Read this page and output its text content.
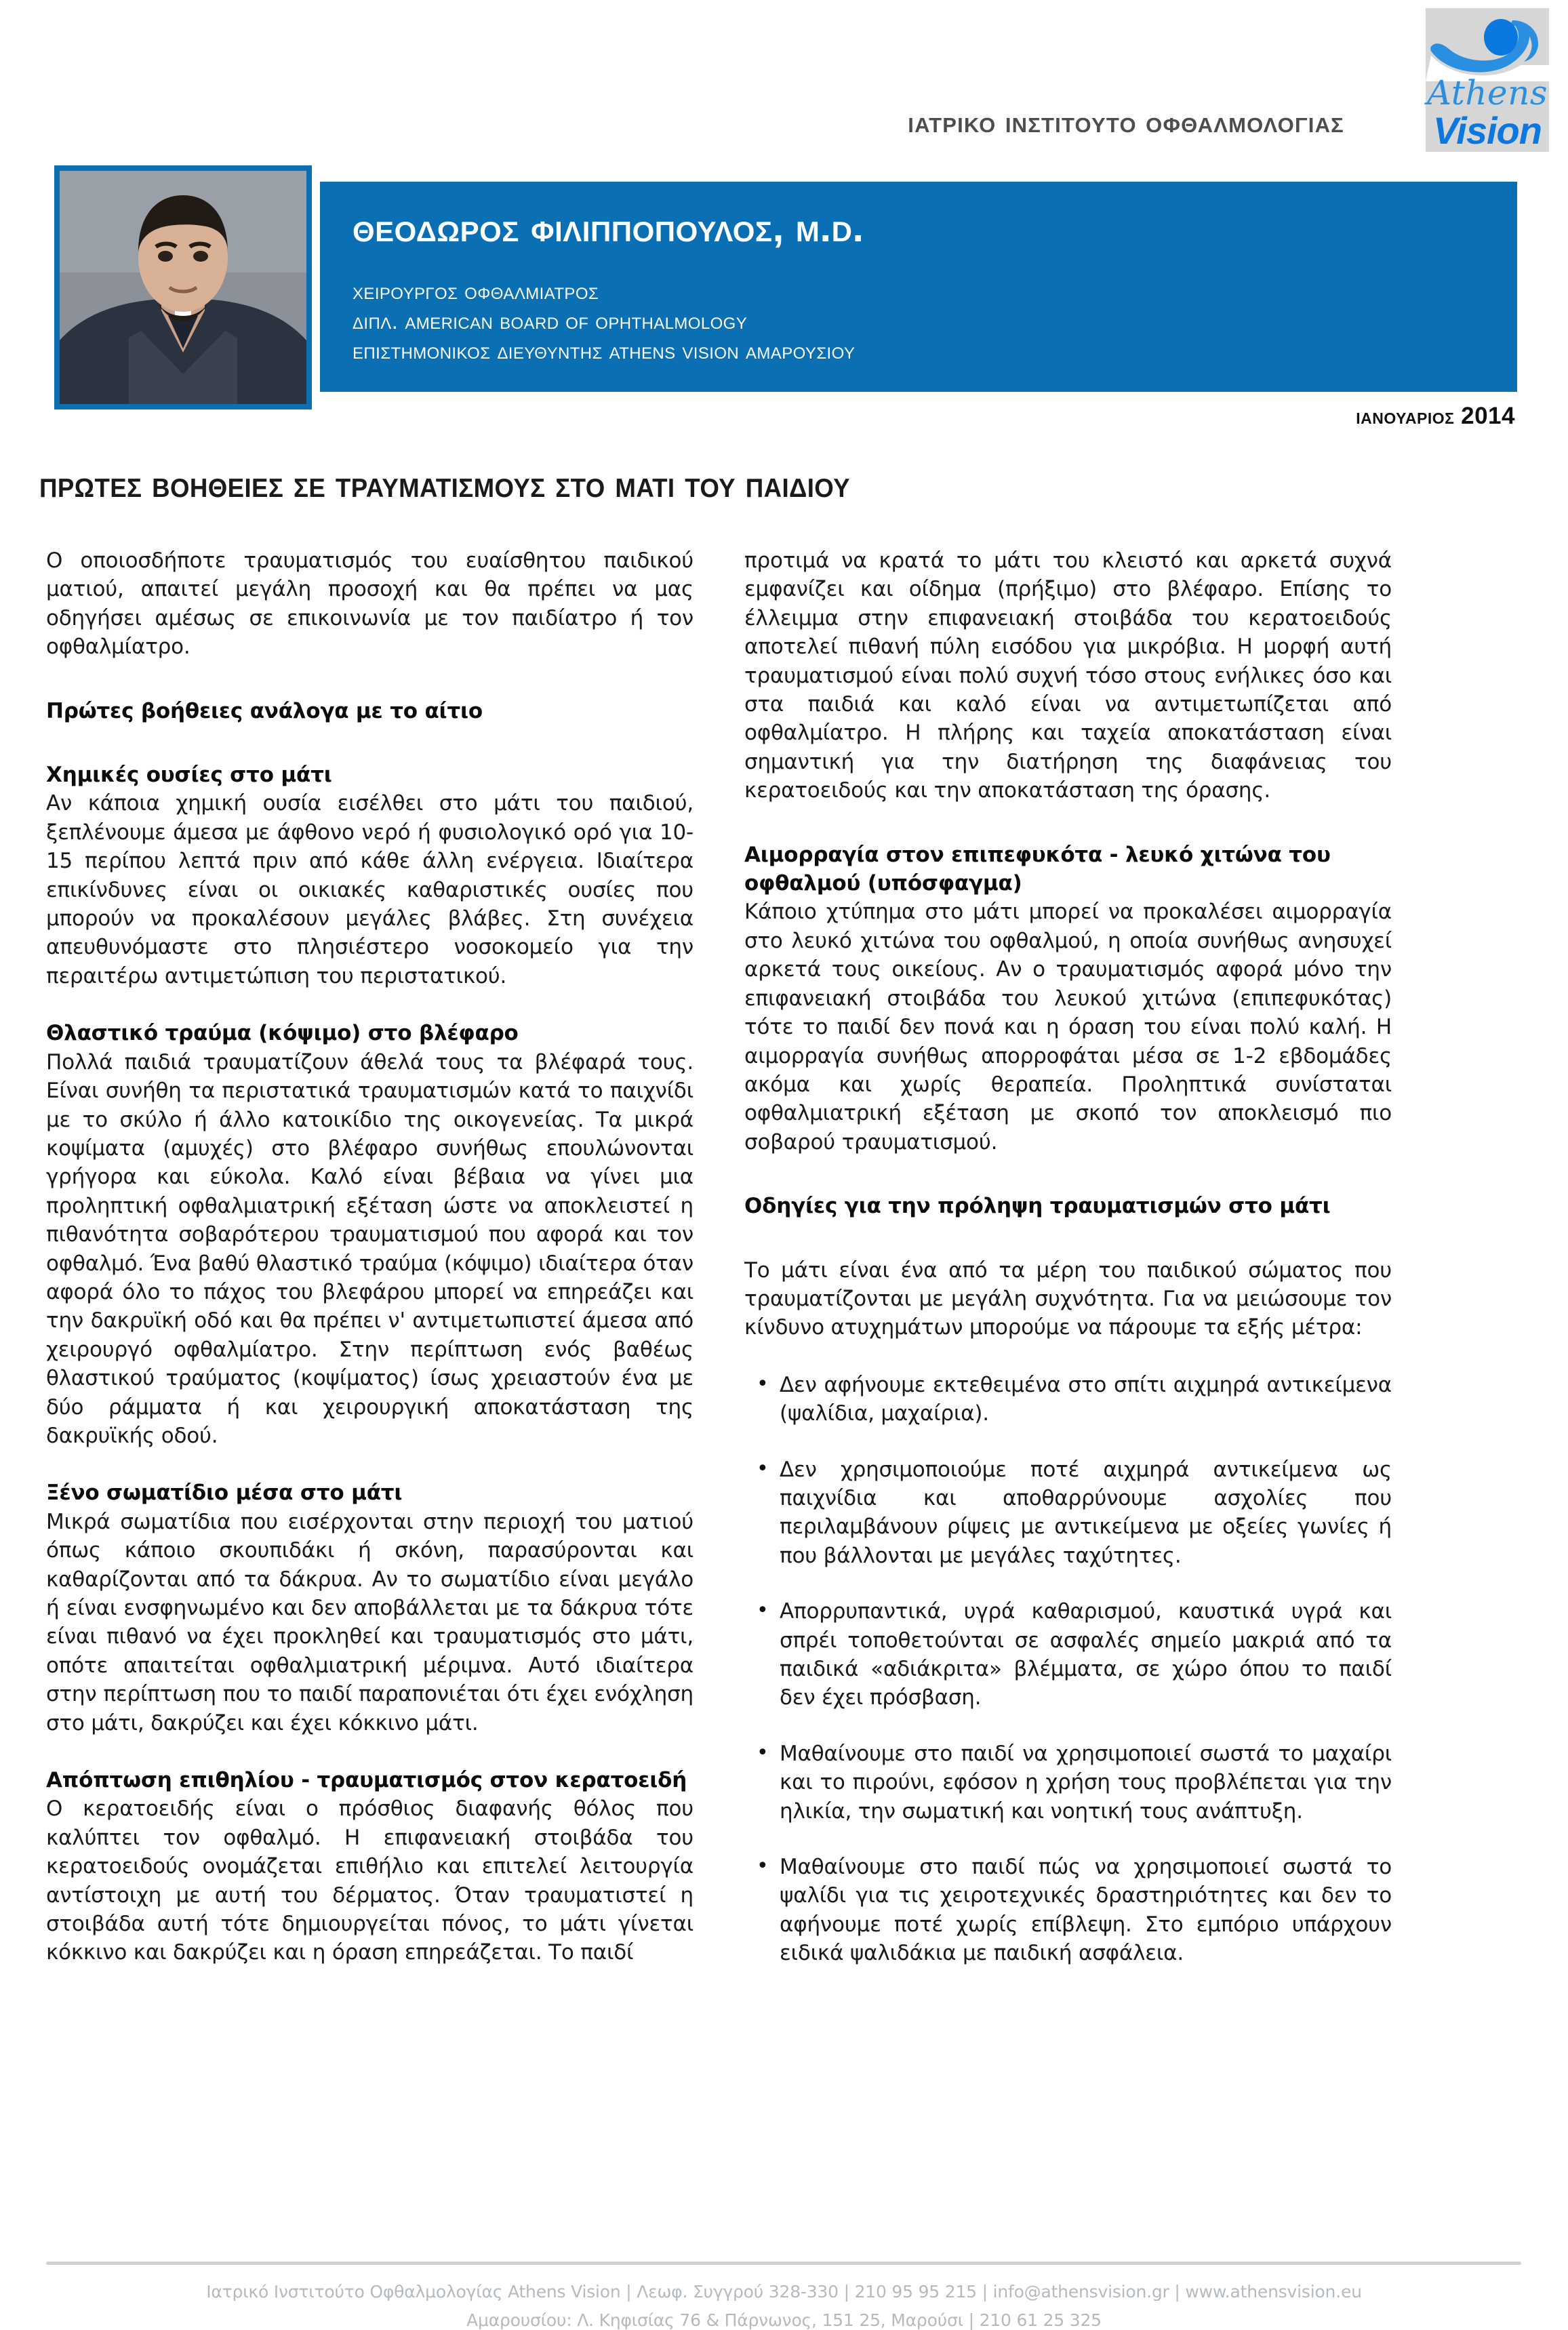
ιατρικο ινστιτουτο οφθαλμολογιασ
Athens
Vision
θεοδωροσ φιλιπποπουλοσ, m.d.
χειρουργοσ οφθαλμιατροσ
διπλ. american board of ophthalmology
επιστημονικοσ διευθυντησ athens vision αμαρουσιου
ιανουαριοσ 2014
πρωτεσ βοηθειεσ σε τραυματισμουσ στο ματι του παιδιου

Ο οποιοσδήποτε τραυματισμός του ευαίσθητου παιδικού ματιού, απαιτεί μεγάλη προσοχή και θα πρέπει να μας οδηγήσει αμέσως σε επικοινωνία με τον παιδίατρο ή τον οφθαλμίατρο.

Πρώτες βοήθειες ανάλογα με το αίτιο
Χημικές ουσίες στο μάτι

Αν κάποια χημική ουσία εισέλθει στο μάτι του παιδιού, ξεπλένουμε άμεσα με άφθονο νερό ή φυσιολογικό ορό για 10-15 περίπου λεπτά πριν από κάθε άλλη ενέργεια. Ιδιαίτερα επικίνδυνες είναι οι οικιακές καθαριστικές ουσίες που μπορούν να προκαλέσουν μεγάλες βλάβες. Στη συνέχεια απευθυνόμαστε στο πλησιέστερο νοσοκομείο για την περαιτέρω αντιμετώπιση του περιστατικού.

Θλαστικό τραύμα (κόψιμο) στο βλέφαρο

Πολλά παιδιά τραυματίζουν άθελά τους τα βλέφαρά τους. Είναι συνήθη τα περιστατικά τραυματισμών κατά το παιχνίδι με το σκύλο ή άλλο κατοικίδιο της οικογενείας. Τα μικρά κοψίματα (αμυχές) στο βλέφαρο συνήθως επουλώνονται γρήγορα και εύκολα. Καλό είναι βέβαια να γίνει μια προληπτική οφθαλμιατρική εξέταση ώστε να αποκλειστεί η πιθανότητα σοβαρότερου τραυματισμού που αφορά και τον οφθαλμό. Ένα βαθύ θλαστικό τραύμα (κόψιμο) ιδιαίτερα όταν αφορά όλο το πάχος του βλεφάρου μπορεί να επηρεάζει και την δακρυϊκή οδό και θα πρέπει ν' αντιμετωπιστεί άμεσα από χειρουργό οφθαλμίατρο. Στην περίπτωση ενός βαθέως θλαστικού τραύματος (κοψίματος) ίσως χρειαστούν ένα με δύο ράμματα ή και χειρουργική αποκατάσταση της δακρυϊκής οδού.

Ξένο σωματίδιο μέσα στο μάτι

Μικρά σωματίδια που εισέρχονται στην περιοχή του ματιού όπως κάποιο σκουπιδάκι ή σκόνη, παρασύρονται και καθαρίζονται από τα δάκρυα. Αν το σωματίδιο είναι μεγάλο ή είναι ενσφηνωμένο και δεν αποβάλλεται με τα δάκρυα τότε είναι πιθανό να έχει προκληθεί και τραυματισμός στο μάτι, οπότε απαιτείται οφθαλμιατρική μέριμνα. Αυτό ιδιαίτερα στην περίπτωση που το παιδί παραπονιέται ότι έχει ενόχληση στο μάτι, δακρύζει και έχει κόκκινο μάτι.

Απόπτωση επιθηλίου - τραυματισμός στον κερατοειδή

Ο κερατοειδής είναι ο πρόσθιος διαφανής θόλος που καλύπτει τον οφθαλμό. Η επιφανειακή στοιβάδα του κερατοειδούς ονομάζεται επιθήλιο και επιτελεί λειτουργία αντίστοιχη με αυτή του δέρματος. Όταν τραυματιστεί η στοιβάδα αυτή τότε δημιουργείται πόνος, το μάτι γίνεται κόκκινο και δακρύζει και η όραση επηρεάζεται. Το παιδί

προτιμά να κρατά το μάτι του κλειστό και αρκετά συχνά εμφανίζει και οίδημα (πρήξιμο) στο βλέφαρο. Επίσης το έλλειμμα στην επιφανειακή στοιβάδα του κερατοειδούς αποτελεί πιθανή πύλη εισόδου για μικρόβια. Η μορφή αυτή τραυματισμού είναι πολύ συχνή τόσο στους ενήλικες όσο και στα παιδιά και καλό είναι να αντιμετωπίζεται από οφθαλμίατρο. Η πλήρης και ταχεία αποκατάσταση είναι σημαντική για την διατήρηση της διαφάνειας του κερατοειδούς και την αποκατάσταση της όρασης.

Αιμορραγία στον επιπεφυκότα - λευκό χιτώνα του οφθαλμού (υπόσφαγμα)

Κάποιο χτύπημα στο μάτι μπορεί να προκαλέσει αιμορραγία στο λευκό χιτώνα του οφθαλμού, η οποία συνήθως ανησυχεί αρκετά τους οικείους. Αν ο τραυματισμός αφορά μόνο την επιφανειακή στοιβάδα του λευκού χιτώνα (επιπεφυκότας) τότε το παιδί δεν πονά και η όραση του είναι πολύ καλή. Η αιμορραγία συνήθως απορροφάται μέσα σε 1-2 εβδομάδες ακόμα και χωρίς θεραπεία. Προληπτικά συνίσταται οφθαλμιατρική εξέταση με σκοπό τον αποκλεισμό πιο σοβαρού τραυματισμού.

Οδηγίες για την πρόληψη τραυματισμών στο μάτι

Το μάτι είναι ένα από τα μέρη του παιδικού σώματος που τραυματίζονται με μεγάλη συχνότητα. Για να μειώσουμε τον κίνδυνο ατυχημάτων μπορούμε να πάρουμε τα εξής μέτρα:

• Δεν αφήνουμε εκτεθειμένα στο σπίτι αιχμηρά αντικείμενα (ψαλίδια, μαχαίρια).
• Δεν χρησιμοποιούμε ποτέ αιχμηρά αντικείμενα ως παιχνίδια και αποθαρρύνουμε ασχολίες που περιλαμβάνουν ρίψεις με αντικείμενα με οξείες γωνίες ή που βάλλονται με μεγάλες ταχύτητες.
• Απορρυπαντικά, υγρά καθαρισμού, καυστικά υγρά και σπρέι τοποθετούνται σε ασφαλές σημείο μακριά από τα παιδικά «αδιάκριτα» βλέμματα, σε χώρο όπου το παιδί δεν έχει πρόσβαση.
• Μαθαίνουμε στο παιδί να χρησιμοποιεί σωστά το μαχαίρι και το πιρούνι, εφόσον η χρήση τους προβλέπεται για την ηλικία, την σωματική και νοητική τους ανάπτυξη.
• Μαθαίνουμε στο παιδί πώς να χρησιμοποιεί σωστά το ψαλίδι για τις χειροτεχνικές δραστηριότητες και δεν το αφήνουμε ποτέ χωρίς επίβλεψη. Στο εμπόριο υπάρχουν ειδικά ψαλιδάκια με παιδική ασφάλεια.
Ιατρικό Ινστιτούτο Οφθαλμολογίας Athens Vision | Λεωφ. Συγγρού 328-330 | 210 95 95 215 | info@athensvision.gr | www.athensvision.eu
Αμαρουσίου: Λ. Κηφισίας 76 & Πάρνωνος, 151 25, Μαρούσι | 210 61 25 325
